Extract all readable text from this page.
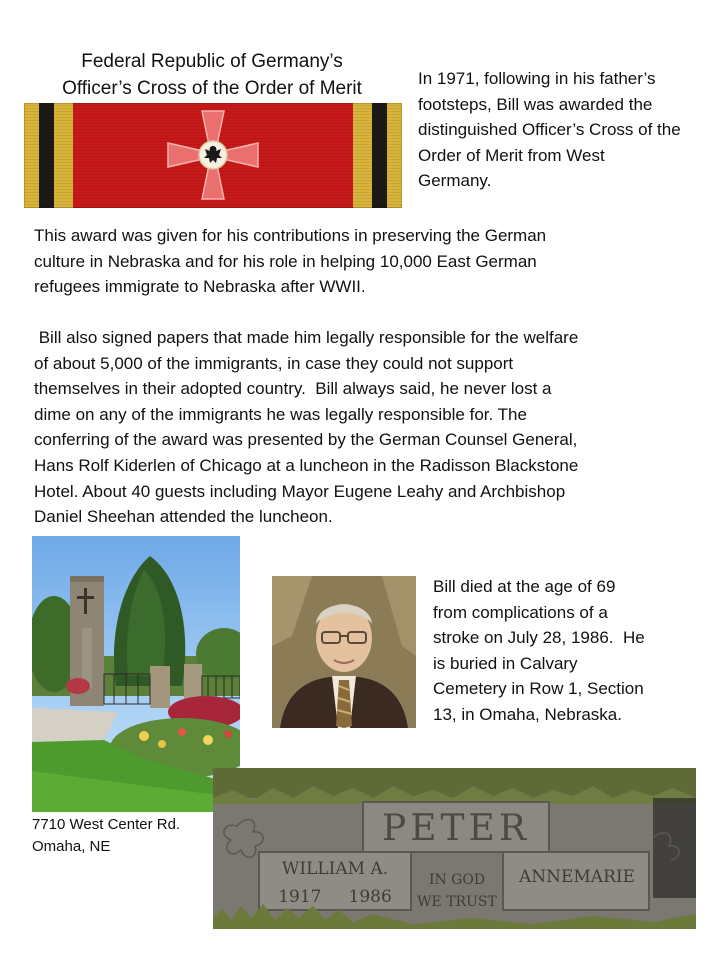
Federal Republic of Germany’s
Officer’s Cross of the Order of Merit	In 1971, following in his father’s
footsteps, Bill was awarded the
distinguished Officer’s Cross of the
Order of Merit from West
Germany.
This award was given for his contributions in preserving the German
culture in Nebraska and for his role in helping 10,000 East German
refugees immigrate to Nebraska after WWII.
Bill also signed papers that made him legally responsible for the welfare
of about 5,000 of the immigrants, in case they could not support
themselves in their adopted country.  Bill always said, he never lost a
dime on any of the immigrants he was legally responsible for. The
conferring of the award was presented by the German Counsel General,
Hans Rolf Kiderlen of Chicago at a luncheon in the Radisson Blackstone
Hotel. About 40 guests including Mayor Eugene Leahy and Archbishop
Daniel Sheehan attended the luncheon.
Bill died at the age of 69
from complications of a
stroke on July 28, 1986.  He
is buried in Calvary
Cemetery in Row 1, Section
13, in Omaha, Nebraska.
7710 West Center Rd.
Omaha, NE	PETER
WILLIAM A.
1917     1986
IN GOD
WE TRUST
ANNEMARIE
